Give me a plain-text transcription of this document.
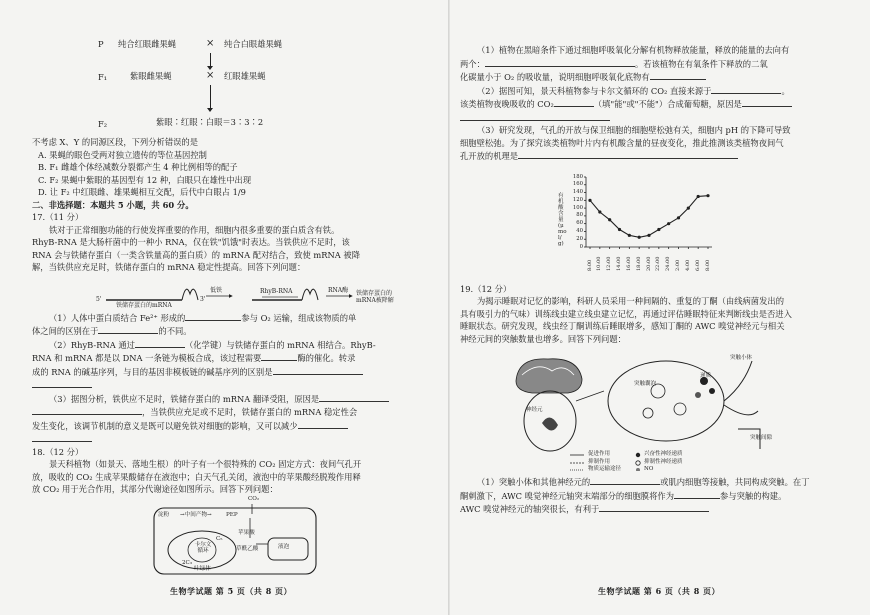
P 纯合红眼雌果蝇	× 纯合白眼雄果蝇
F₁	紫眼雌果蝇	× 红眼雄果蝇
F₂	紫眼∶红眼∶白眼＝3∶3∶2
不考虑 X、Y 的同源区段，下列分析错误的是
A. 果蝇的眼色受两对独立遗传的等位基因控制
B. F₁ 雌雄个体经减数分裂都产生 4 种比例相等的配子
C. F₂ 果蝇中紫眼的基因型有 12 种，白眼只在雄性中出现
D. 让 F₂ 中红眼雌、雄果蝇相互交配，后代中白眼占 1/9
二、非选择题：本题共 5 小题，共 60 分。
17.（11 分）
铁对于正常细胞功能的行使发挥重要的作用，细胞内很多重要的蛋白质含有铁。
RhyB-RNA 是大肠杆菌中的一种小 RNA，仅在铁"饥饿"时表达。当铁供应不足时，该
RNA 会与铁储存蛋白（一类含铁量高的蛋白质）的 mRNA 配对结合，致使 mRNA 被降
解，当铁供应充足时，铁储存蛋白的 mRNA 稳定性提高。回答下列问题：
5'	3'
铁储存蛋白的mRNA
低铁	RhyB-RNA	RNA酶 铁储存蛋白的mRNA被降解
（1）人体中蛋白质结合 Fe²⁺ 形成的	参与 O₂ 运输，组成该物质的单
体之间的区别在于	的不同。
（2）RhyB-RNA 通过	（化学键）与铁储存蛋白的 mRNA 相结合。RhyB-
RNA 和 mRNA 都是以 DNA 一条链为模板合成，该过程需要	酶的催化。转录
成的 RNA 的碱基序列，与目的基因非模板链的碱基序列的区别是
（3）据图分析，铁供应不足时，铁储存蛋白的 mRNA 翻译受阻，原因是
，当铁供应充足或不足时，铁储存蛋白的 mRNA 稳定性会
发生变化，该调节机制的意义是既可以避免铁对细胞的影响，又可以减少
18.（12 分）
景天科植物（如景天、落地生根）的叶子有一个很特殊的 CO₂ 固定方式：夜间气孔开
放，吸收的 CO₂ 生成苹果酸储存在液泡中；白天气孔关闭，液泡中的苹果酸经脱羧作用释
放 CO₂ 用于光合作用，其部分代谢途径如图所示。回答下列问题：
CO₂
淀粉 →中间产物→	PEP
卡尔文循环
2C₃
C₅
苹果酸
草酰乙酸	液泡
叶绿体
生物学试题 第 5 页（共 8 页）
（1）植物在黑暗条件下通过细胞呼吸氧化分解有机物释放能量，释放的能量的去向有
两个：	。若该植物在有氧条件下释放的二氧
化碳量小于 O₂ 的吸收量，说明细胞呼吸氧化底物有
（2）据图可知，景天科植物参与卡尔文循环的 CO₂ 直接来源于	。
该类植物夜晚吸收的 CO₂	（填"能"或"不能"）合成葡萄糖，原因是
（3）研究发现，气孔的开放与保卫细胞的细胞壁松弛有关，细胞内 pH 的下降可导致
细胞壁松弛。为了探究该类植物叶片内有机酸含量的昼夜变化，推此推测该类植物夜间气
孔开放的机理是
有机酸含量(μmol/g)	0
20
40
60
80
100
120
140
160
180
8:00 10:00 12:00 14:00 16:00 18:00 20:00 22:00 24:00 2:00 4:00 6:00 8:00
19.（12 分）
为揭示睡眠对记忆的影响，科研人员采用一种间隔的、重复的丁酮（由线病菌发出的
具有吸引力的气味）训练线虫建立线虫建立记忆，再通过评估睡眠特征来判断线虫是否进入
睡眠状态。研究发现，线虫经丁酮训练后睡眠增多，感知丁酮的 AWC 嗅觉神经元与相关
神经元间的突触数量也增多。回答下列问题：
神经元
突触小体
递质
突触囊泡
突触间隙
促进作用
抑制作用
物质运输途径
兴奋性神经递质
抑制性神经递质
NO
（1）突触小体和其他神经元的	或肌内细胞等接触，共同构成突触。在丁
酮刺激下，AWC 嗅觉神经元轴突末端部分的细胞膜将作为	参与突触的构建。
AWC 嗅觉神经元的轴突很长，有利于
生物学试题 第 6 页（共 8 页）
